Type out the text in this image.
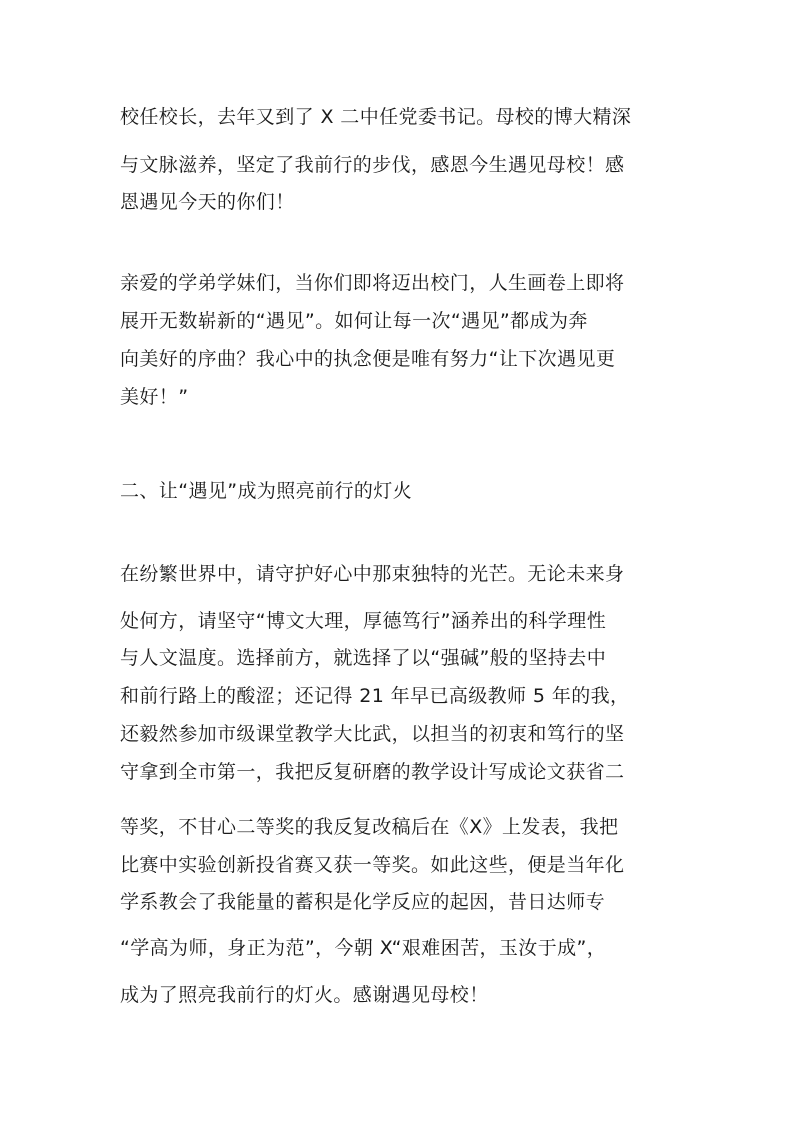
校任校长，去年又到了 X 二中任党委书记。母校的博大精深
与文脉滋养，坚定了我前行的步伐，感恩今生遇见母校！感
恩遇见今天的你们！
亲爱的学弟学妹们，当你们即将迈出校门，人生画卷上即将
展开无数崭新的“遇见”。如何让每一次“遇见”都成为奔
向美好的序曲？我心中的执念便是唯有努力“让下次遇见更
美好！”
二、让“遇见”成为照亮前行的灯火
在纷繁世界中，请守护好心中那束独特的光芒。无论未来身
处何方，请坚守“博文大理，厚德笃行”涵养出的科学理性
与人文温度。选择前方，就选择了以“强碱”般的坚持去中
和前行路上的酸涩；还记得 21 年早已高级教师 5 年的我，
还毅然参加市级课堂教学大比武，以担当的初衷和笃行的坚
守拿到全市第一，我把反复研磨的教学设计写成论文获省二
等奖，不甘心二等奖的我反复改稿后在《X》上发表，我把
比赛中实验创新投省赛又获一等奖。如此这些，便是当年化
学系教会了我能量的蓄积是化学反应的起因，昔日达师专
“学高为师，身正为范”，今朝 X“艰难困苦，玉汝于成”，
成为了照亮我前行的灯火。感谢遇见母校！
